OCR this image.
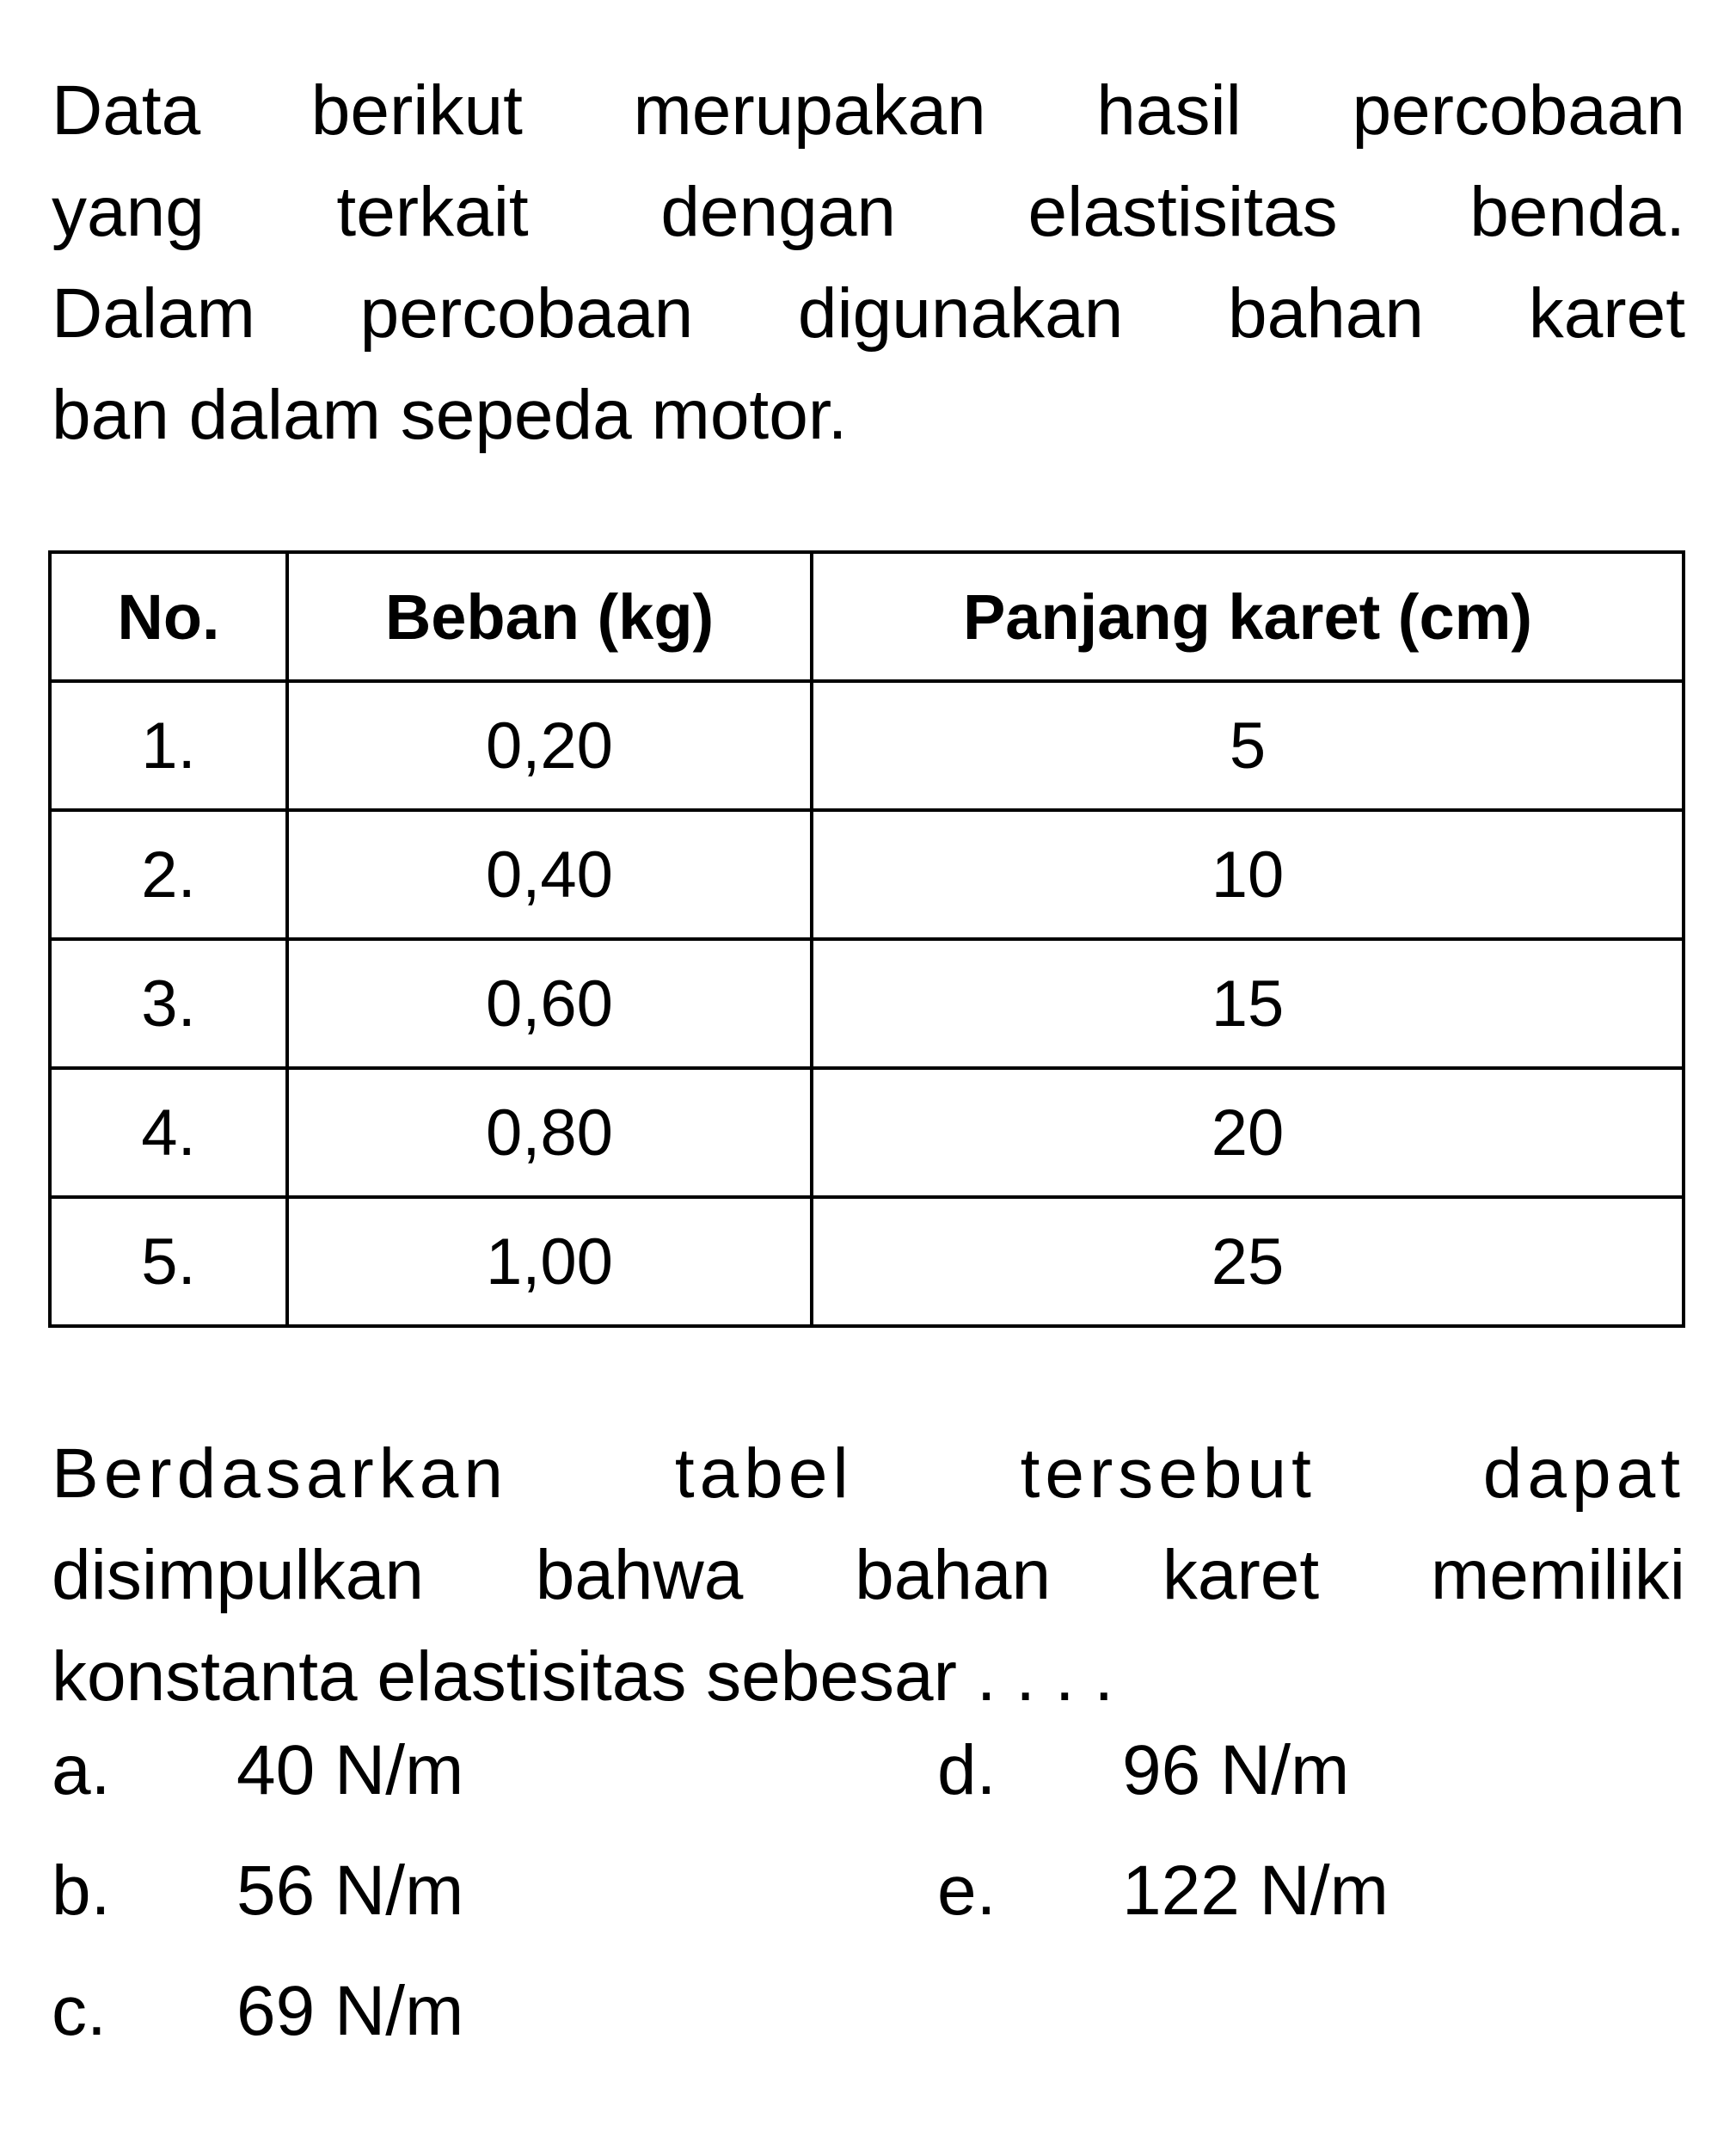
Data berikut merupakan hasil percobaan
yang terkait dengan elastisitas benda.
Dalam percobaan digunakan bahan karet
ban dalam sepeda motor.

No.	Beban (kg)	Panjang karet (cm)
1.	0,20	5
2.	0,40	10
3.	0,60	15
4.	0,80	20
5.	1,00	25

Berdasarkan tabel tersebut dapat
disimpulkan bahwa bahan karet memiliki
konstanta elastisitas sebesar . . . .

a. 40 N/m
b. 56 N/m
c. 69 N/m
d. 96 N/m
e. 122 N/m
